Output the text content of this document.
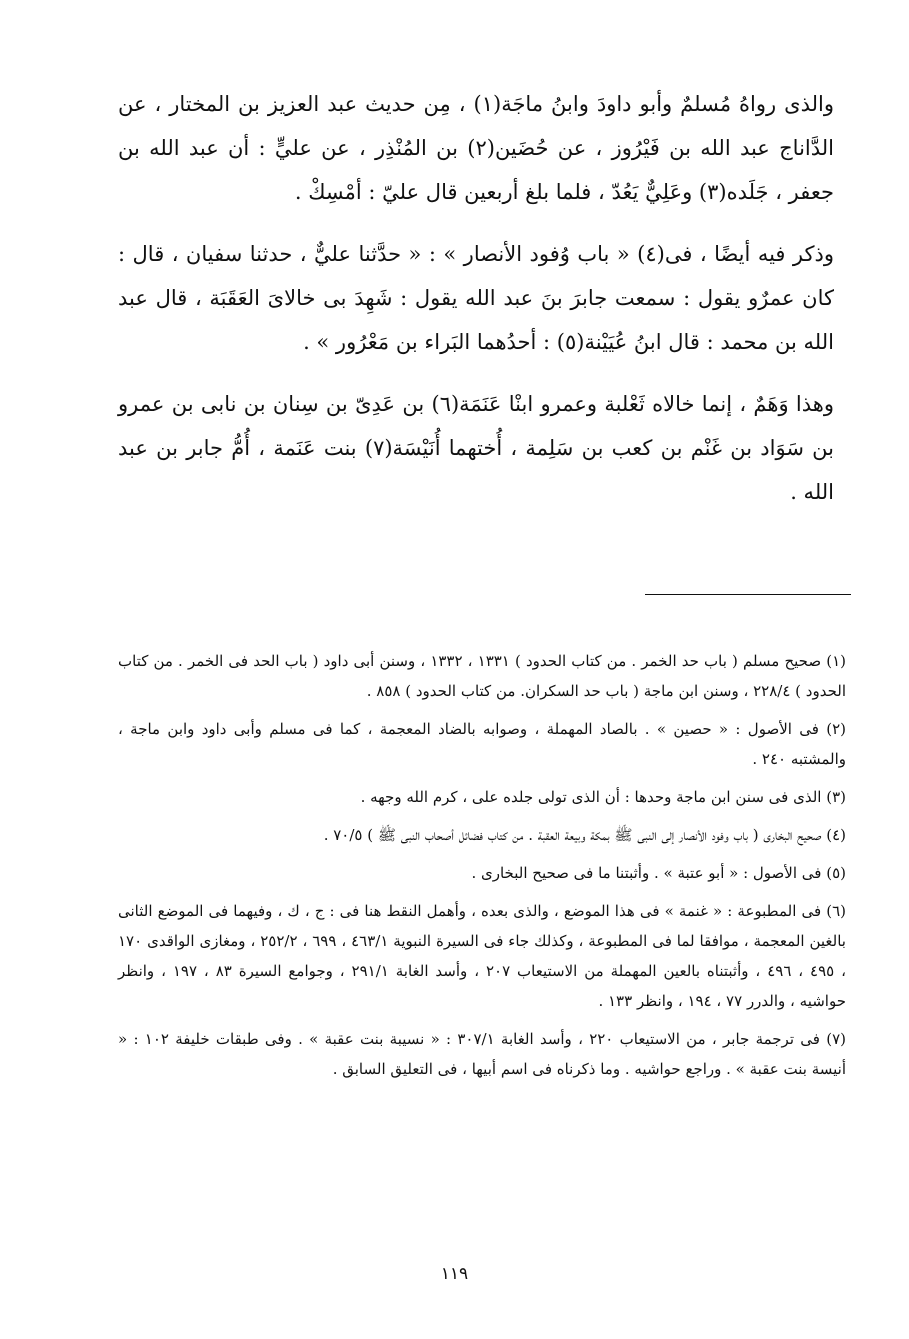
والذى رواهُ مُسلمٌ وأبو داودَ وابنُ ماجَة(١) ، مِن حديث عبد العزيز بن المختار ، عن الدَّاناج عبد الله بن فَيْرُوز ، عن حُضَين(٢) بن المُنْذِر ، عن عليٍّ : أن عبد الله بن جعفر ، جَلَده(٣) وعَلِيٌّ يَعُدّ ، فلما بلغ أربعين قال عليّ : أمْسِكْ .

وذكر فيه أيضًا ، فى(٤) « باب وُفود الأنصار » : « حدَّثنا عليٌّ ، حدثنا سفيان ، قال : كان عمرٌو يقول : سمعت جابرَ بنَ عبد الله يقول : شَهِدَ بى خالاىَ العَقَبَة ، قال عبد الله بن محمد : قال ابنُ عُيَيْنة(٥) : أحدُهما البَراء بن مَعْرُور » .

وهذا وَهَمٌ ، إنما خالاه ثَعْلبة وعمرو ابنْا عَنَمَة(٦) بن عَدِىّ بن سِنان بن نابى بن عمرو بن سَوَاد بن غَنْم بن كعب بن سَلِمة ، أُختهما أُنَيْسَة(٧) بنت عَنَمة ، أُمُّ جابر بن عبد الله .

(١) صحيح مسلم ( باب حد الخمر . من كتاب الحدود ) ١٣٣١ ، ١٣٣٢ ، وسنن أبى داود ( باب الحد فى الخمر . من كتاب الحدود ) ٢٢٨/٤ ، وسنن ابن ماجة ( باب حد السكران. من كتاب الحدود ) ٨٥٨ .

(٢) فى الأصول : « حصين » . بالصاد المهملة ، وصوابه بالضاد المعجمة ، كما فى مسلم وأبى داود وابن ماجة ، والمشتبه ٢٤٠ .

(٣) الذى فى سنن ابن ماجة وحدها : أن الذى تولى جلده على ، كرم الله وجهه .

(٤) صحيح البخارى ( باب وفود الأنصار إلى النبى ﷺ بمكة وبيعة العقبة . من كتاب فضائل أصحاب النبى ﷺ ) ٧٠/٥ .

(٥) فى الأصول : « أبو عتبة » . وأثبتنا ما فى صحيح البخارى .

(٦) فى المطبوعة : « غنمة » فى هذا الموضع ، والذى بعده ، وأهمل النقط هنا فى : ج ، ك ، وفيهما فى الموضع الثانى بالغين المعجمة ، موافقا لما فى المطبوعة ، وكذلك جاء فى السيرة النبوية ٤٦٣/١ ، ٦٩٩ ، ٢٥٢/٢ ، ومغازى الواقدى ١٧٠ ، ٤٩٥ ، ٤٩٦ ، وأثبتناه بالعين المهملة من الاستيعاب ٢٠٧ ، وأسد الغابة ٢٩١/١ ، وجوامع السيرة ٨٣ ، ١٩٧ ، وانظر حواشيه ، والدرر ٧٧ ، ١٩٤ ، وانظر ١٣٣ .

(٧) فى ترجمة جابر ، من الاستيعاب ٢٢٠ ، وأسد الغابة ٣٠٧/١ : « نسيبة بنت عقبة » . وفى طبقات خليفة ١٠٢ : « أنيسة بنت عقبة » . وراجع حواشيه . وما ذكرناه فى اسم أبيها ، فى التعليق السابق .

١١٩
